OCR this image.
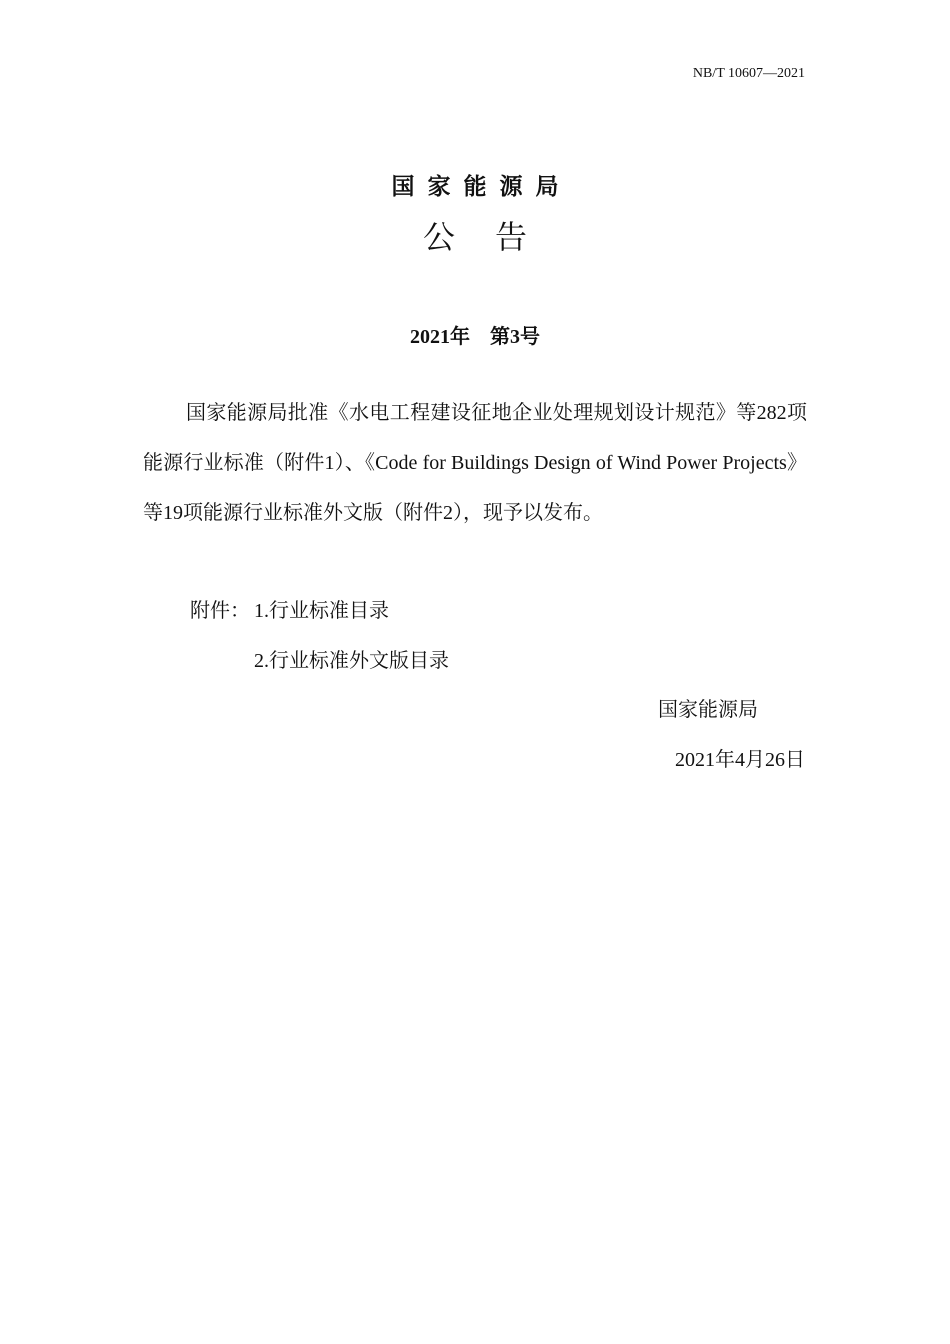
NB/T 10607—2021
国家能源局
公告
2021年　第3号

国家能源局批准《水电工程建设征地企业处理规划设计规范》等282项能源行业标准（附件1）、《Code for Buildings Design of Wind Power Projects》等19项能源行业标准外文版（附件2），现予以发布。

附件： 1.行业标准目录
2.行业标准外文版目录
国家能源局
2021年4月26日
